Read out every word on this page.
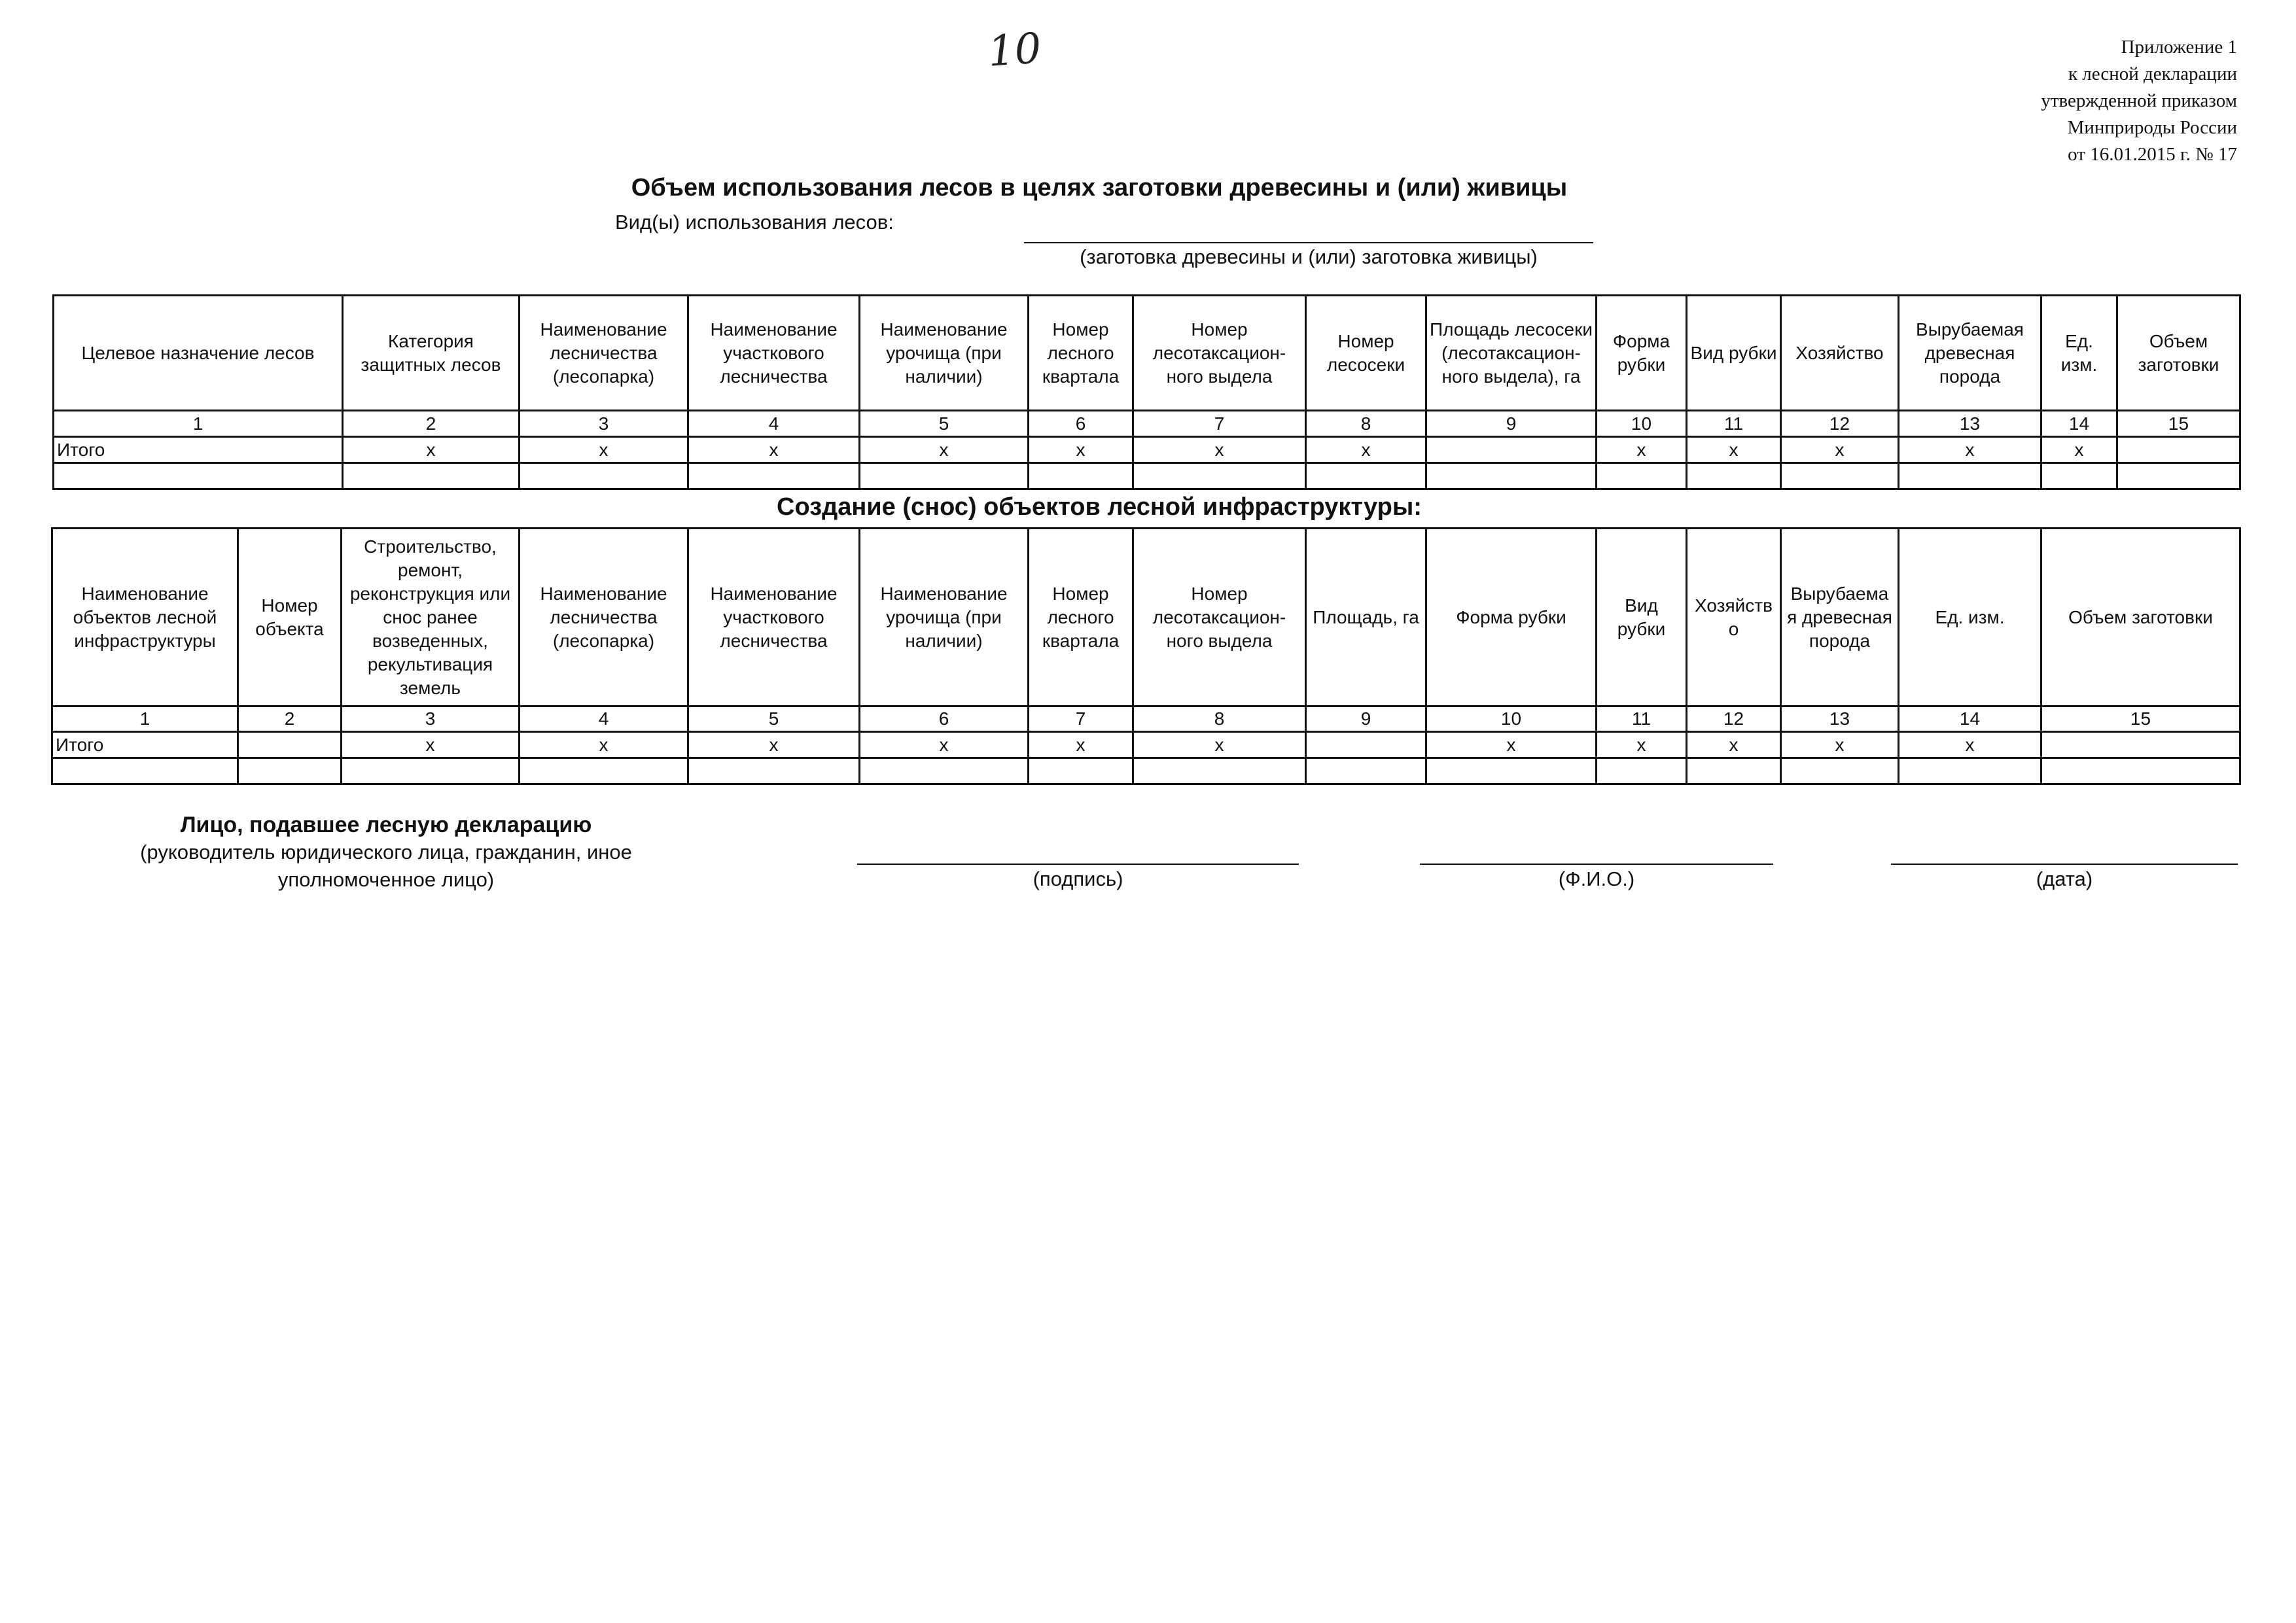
10	Приложение 1
к лесной декларации
утвержденной приказом
Минприроды России
от 16.01.2015 г. № 17
Объем использования лесов в целях заготовки древесины и (или) живицы
Вид(ы) использования лесов:
(заготовка древесины и (или) заготовка живицы)
Целевое назначение лесов	Категория защитных лесов	Наименование лесничества (лесопарка)	Наименование участкового лесничества	Наименование урочища (при наличии)	Номер лесного квартала	Номер лесотаксацион-ного выдела	Номер лесосеки	Площадь лесосеки (лесотаксацион-ного выдела), га	Форма рубки	Вид рубки	Хозяйство	Вырубаемая древесная порода	Ед. изм.	Объем заготовки
1	2	3	4	5	6	7	8	9	10	11	12	13	14	15
Итого	x	x	x	x	x	x	x		x	x	x	x	x	

Создание (снос) объектов лесной инфраструктуры:
Наименование объектов лесной инфраструктуры	Номер объекта	Строительство, ремонт, реконструкция или снос ранее возведенных, рекультивация земель	Наименование лесничества (лесопарка)	Наименование участкового лесничества	Наименование урочища (при наличии)	Номер лесного квартала	Номер лесотаксацион-ного выдела	Площадь, га	Форма рубки	Вид рубки	Хозяйств о	Вырубаема я древесная порода	Ед. изм.	Объем заготовки
1	2	3	4	5	6	7	8	9	10	11	12	13	14	15
Итого		x	x	x	x	x	x		x	x	x	x	x	

Лицо, подавшее лесную декларацию
(руководитель юридического лица, гражданин, иное
уполномоченное лицо)	(подпись)	(Ф.И.О.)	(дата)
